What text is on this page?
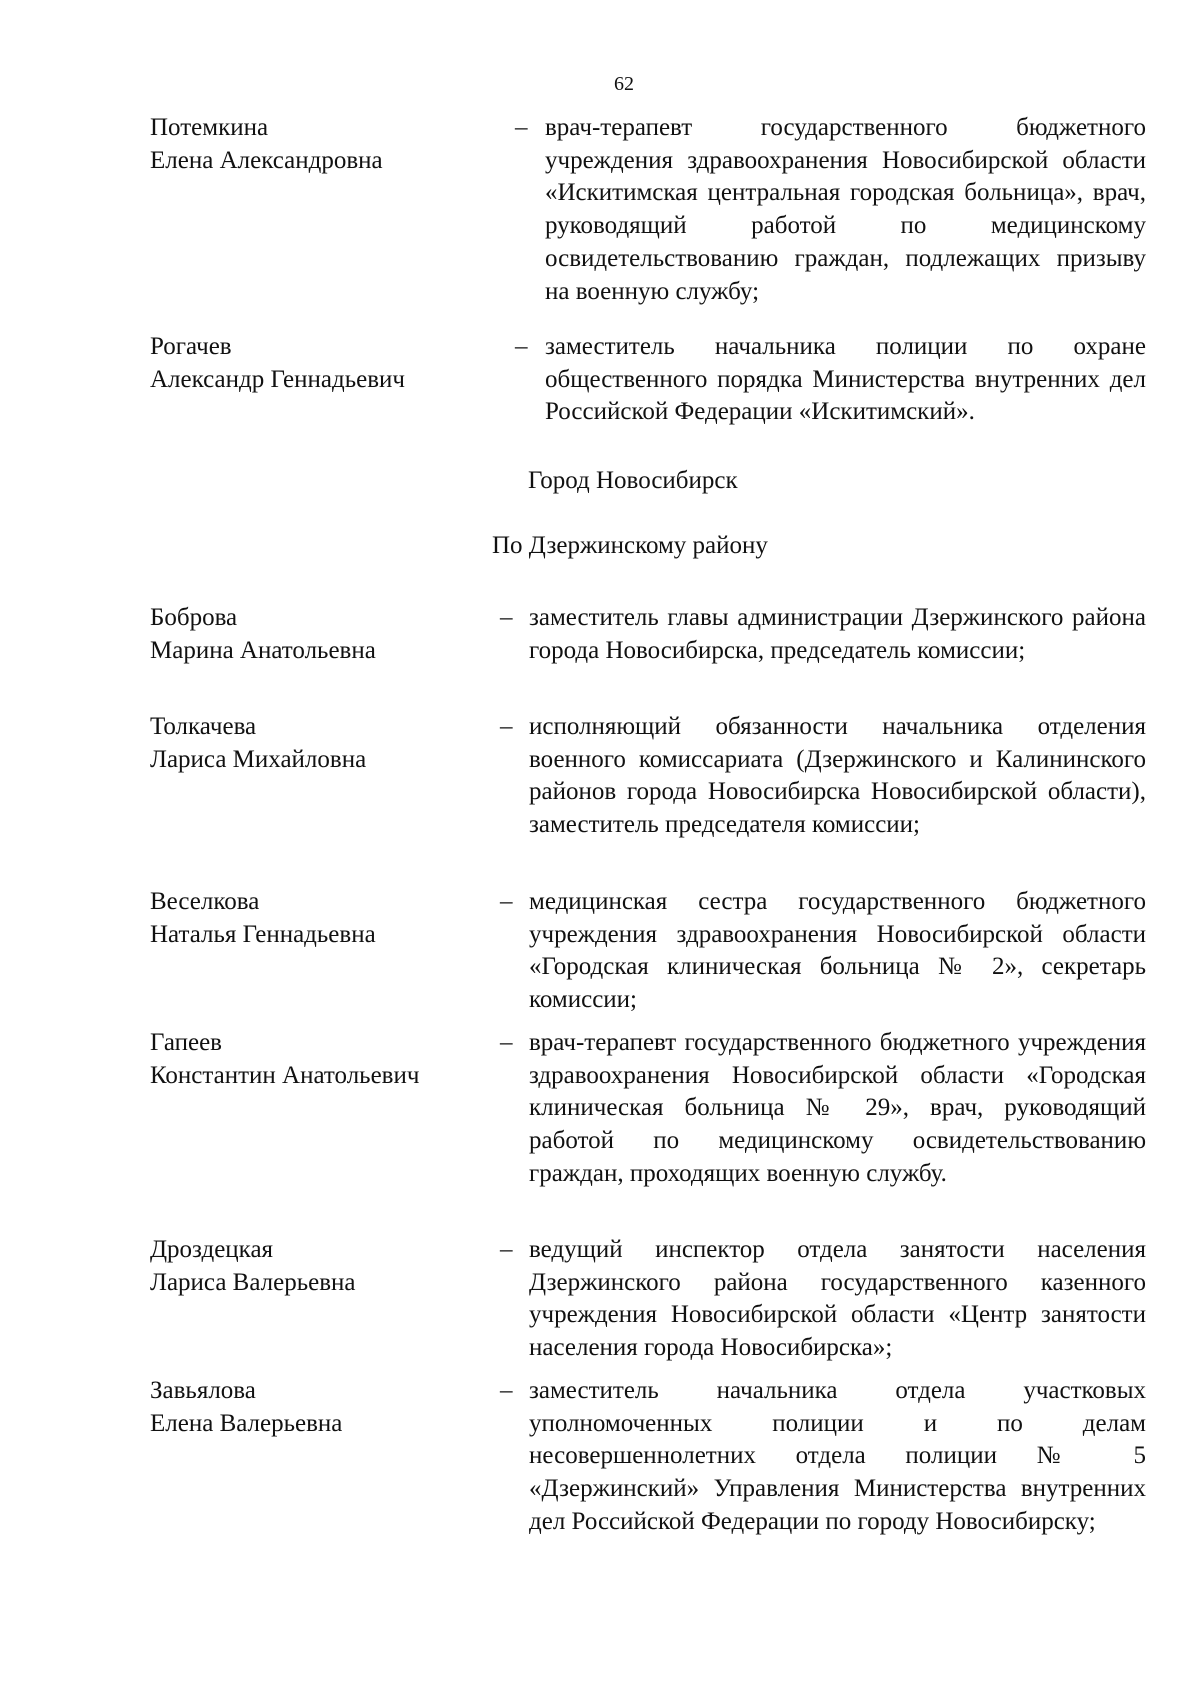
62
Потемкина
Елена Александровна
– врач-терапевт государственного бюджетного учреждения здравоохранения Новосибирской области «Искитимская центральная городская больница», врач, руководящий работой по медицинскому освидетельствованию граждан, подлежащих призыву на военную службу;
Рогачев
Александр Геннадьевич
– заместитель начальника полиции по охране общественного порядка Министерства внутренних дел Российской Федерации «Искитимский».
Город Новосибирск
По Дзержинскому району
Боброва
Марина Анатольевна
– заместитель главы администрации Дзержинского района города Новосибирска, председатель комиссии;
Толкачева
Лариса Михайловна
– исполняющий обязанности начальника отделения военного комиссариата (Дзержинского и Калининского районов города Новосибирска Новосибирской области), заместитель председателя комиссии;
Веселкова
Наталья Геннадьевна
– медицинская сестра государственного бюджетного учреждения здравоохранения Новосибирской области «Городская клиническая больница № 2», секретарь комиссии;
Гапеев
Константин Анатольевич
– врач-терапевт государственного бюджетного учреждения здравоохранения Новосибирской области «Городская клиническая больница № 29», врач, руководящий работой по медицинскому освидетельствованию граждан, проходящих военную службу.
Дроздецкая
Лариса Валерьевна
– ведущий инспектор отдела занятости населения Дзержинского района государственного казенного учреждения Новосибирской области «Центр занятости населения города Новосибирска»;
Завьялова
Елена Валерьевна
– заместитель начальника отдела участковых уполномоченных полиции и по делам несовершеннолетних отдела полиции № 5 «Дзержинский» Управления Министерства внутренних дел Российской Федерации по городу Новосибирску;
